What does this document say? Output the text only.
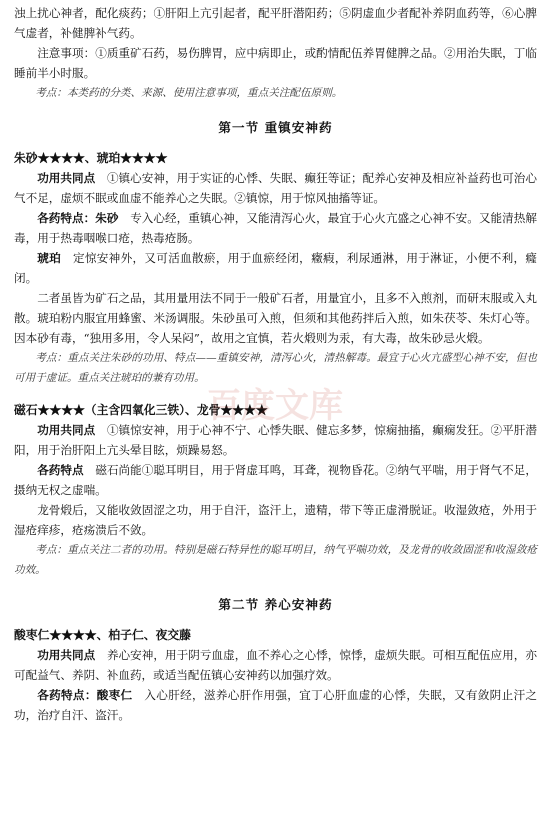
浊上扰心神者，配化痰药；①肝阳上亢引起者，配平肝潜阳药；⑤阴虚血少者配补养阴血药等，⑥心脾气虚者，补健脾补气药。

注意事项：①质重矿石药，易伤脾胃，应中病即止，或酌情配伍养胃健脾之品。②用治失眠，丁临睡前半小时服。

考点：本类药的分类、来源、使用注意事项，重点关注配伍原则。

第一节 重镇安神药

朱砂★★★★、琥珀★★★★

功用共同点　 ①镇心安神，用于实证的心悸、失眠、癫狂等证；配养心安神及相应补益药也可治心气不足，虚烦不眠或血虚不能养心之失眠。②镇惊，用于惊风抽搐等证。

各药特点：朱砂　 专入心经，重镇心神，又能清泻心火，最宜于心火亢盛之心神不安。又能清热解毒，用于热毒咽喉口疮，热毒疮肠。

琥珀　 定惊安神外，又可活血散瘀，用于血瘀经闭，癥瘕，利尿通淋，用于淋证，小便不利，癃闭。

二者虽皆为矿石之品，其用量用法不同于一般矿石者，用量宜小，且多不入煎剂，而研末服或入丸散。琥珀粉内服宜用蜂蜜、米汤调服。朱砂虽可入煎，但须和其他药拌后入煎，如朱茯苓、朱灯心等。因本砂有毒，“独用多用，令人呆闷”，故用之宜慎，若火煅则为汞，有大毒，故朱砂忌火煅。

考点：重点关注朱砂的功用、特点——重镇安神，清泻心火，清热解毒。最宜于心火亢盛型心神不安，但也可用于虚证。重点关注琥珀的兼有功用。

磁石★★★★（主含四氧化三铁）、龙骨★★★★

功用共同点　 ①镇惊安神，用于心神不宁、心悸失眠、健忘多梦，惊痫抽搐，癫痫发狂。②平肝潜阳，用于治肝阳上亢头晕目眩，烦躁易怒。

各药特点　 磁石尚能①聪耳明目，用于肾虚耳鸣，耳聋，视物昏花。②纳气平喘，用于肾气不足，摄纳无权之虚喘。

龙骨煅后，又能收敛固涩之功，用于自汗，盗汗上，遗精，带下等正虚滑脱证。收湿敛疮，外用于湿疮痒疹，疮疡溃后不敛。

考点：重点关注二者的功用。特别是磁石特异性的聪耳明目，纳气平喘功效，及龙骨的收敛固涩和收湿敛疮功效。

第二节 养心安神药

酸枣仁★★★★、柏子仁、夜交藤

功用共同点　 养心安神，用于阴亏血虚，血不养心之心悸，惊悸，虚烦失眠。可相互配伍应用，亦可配益气、养阴、补血药，或适当配伍镇心安神药以加强疗效。

各药特点：酸枣仁　 入心肝经，滋养心肝作用强，宜丁心肝血虚的心悸，失眠，又有敛阴止汗之功，治疗自汗、盗汗。

百度文库
